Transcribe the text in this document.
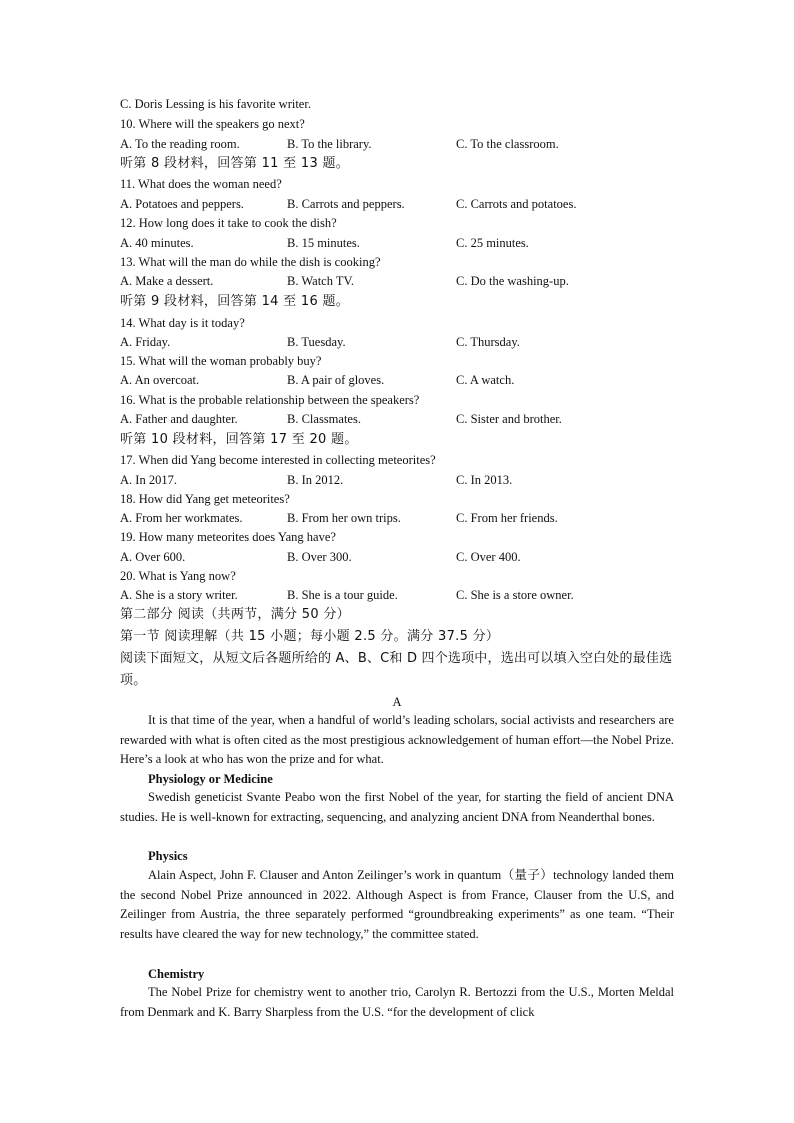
C. Doris Lessing is his favorite writer.
10. Where will the speakers go next?
A. To the reading room.	B. To the library.	C. To the classroom.
听第 8 段材料，回答第 11 至 13 题。
11. What does the woman need?
A. Potatoes and peppers.	B. Carrots and peppers.	C. Carrots and potatoes.
12. How long does it take to cook the dish?
A. 40 minutes.	B. 15 minutes.	C. 25 minutes.
13. What will the man do while the dish is cooking?
A. Make a dessert.	B. Watch TV.	C. Do the washing-up.
听第 9 段材料，回答第 14 至 16 题。
14. What day is it today?
A. Friday.	B. Tuesday.	C. Thursday.
15. What will the woman probably buy?
A. An overcoat.	B. A pair of gloves.	C. A watch.
16. What is the probable relationship between the speakers?
A. Father and daughter.	B. Classmates.	C. Sister and brother.
听第 10 段材料，回答第 17 至 20 题。
17. When did Yang become interested in collecting meteorites?
A. In 2017.	B. In 2012.	C. In 2013.
18. How did Yang get meteorites?
A. From her workmates.	B. From her own trips.	C. From her friends.
19. How many meteorites does Yang have?
A. Over 600.	B. Over 300.	C. Over 400.
20. What is Yang now?
A. She is a story writer.	B. She is a tour guide.	C. She is a store owner.
第二部分 阅读（共两节，满分 50 分）
第一节 阅读理解（共 15 小题；每小题 2.5 分。满分 37.5 分）
阅读下面短文，从短文后各题所给的 A、B、C和 D 四个选项中，选出可以填入空白处的最佳选项。
A
It is that time of the year, when a handful of world’s leading scholars, social activists and researchers are rewarded with what is often cited as the most prestigious acknowledgement of human effort—the Nobel Prize. Here’s a look at who has won the prize and for what.
Physiology or Medicine
Swedish geneticist Svante Peabo won the first Nobel of the year, for starting the field of ancient DNA studies. He is well-known for extracting, sequencing, and analyzing ancient DNA from Neanderthal bones.
Physics
Alain Aspect, John F. Clauser and Anton Zeilinger’s work in quantum（量子）technology landed them the second Nobel Prize announced in 2022. Although Aspect is from France, Clauser from the U.S, and Zeilinger from Austria, the three separately performed “groundbreaking experiments” as one team. “Their results have cleared the way for new technology,” the committee stated.
Chemistry
The Nobel Prize for chemistry went to another trio, Carolyn R. Bertozzi from the U.S., Morten Meldal from Denmark and K. Barry Sharpless from the U.S. “for the development of click
